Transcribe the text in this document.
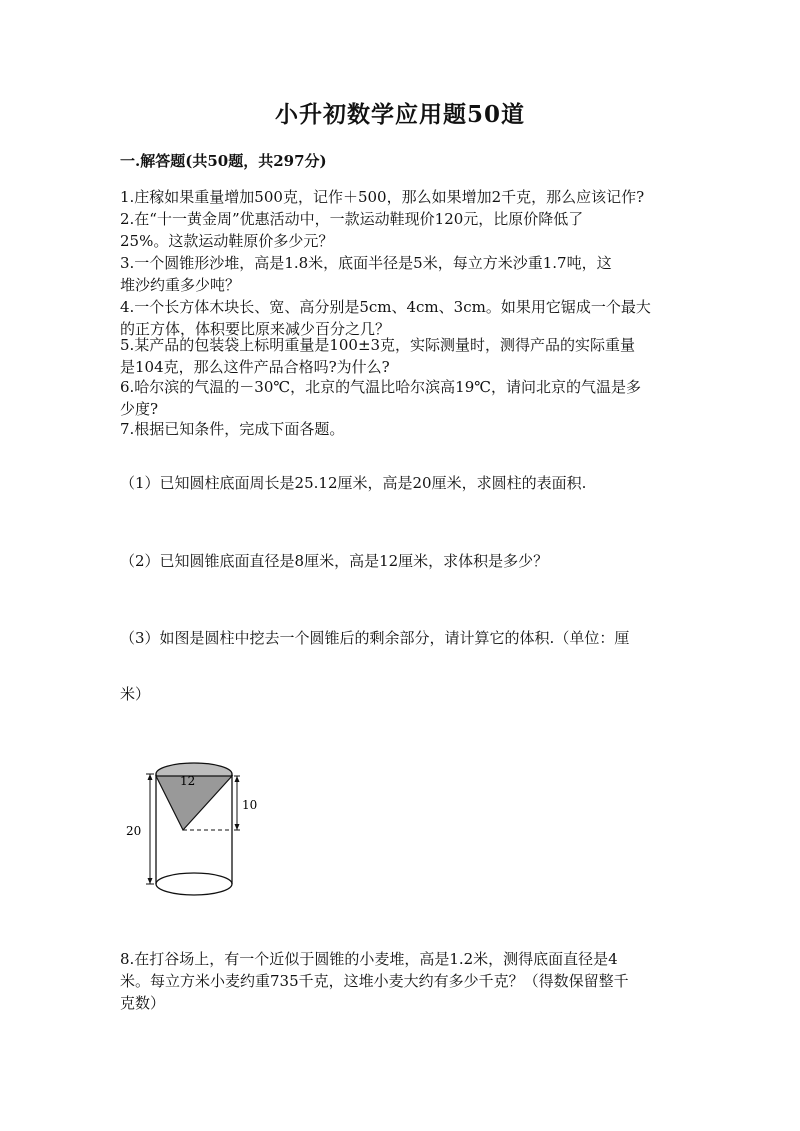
小升初数学应用题50道
一.解答题(共50题，共297分)

1.庄稼如果重量增加500克，记作＋500，那么如果增加2千克，那么应该记作?

2.在“十一黄金周”优惠活动中，一款运动鞋现价120元，比原价降低了

25%。这款运动鞋原价多少元？

3.一个圆锥形沙堆，高是1.8米，底面半径是5米，每立方米沙重1.7吨，这

堆沙约重多少吨？

4.一个长方体木块长、宽、高分别是5cm、4cm、3cm。如果用它锯成一个最大

的正方体，体积要比原来减少百分之几？

5.某产品的包装袋上标明重量是100±3克，实际测量时，测得产品的实际重量

是104克，那么这件产品合格吗?为什么?

6.哈尔滨的气温的－30℃，北京的气温比哈尔滨高19℃，请问北京的气温是多

少度?

7.根据已知条件，完成下面各题。

（1）已知圆柱底面周长是25.12厘米，高是20厘米，求圆柱的表面积.

（2）已知圆锥底面直径是8厘米，高是12厘米，求体积是多少？

（3）如图是圆柱中挖去一个圆锥后的剩余部分，请计算它的体积.（单位：厘

米）

12
10
20

8.在打谷场上，有一个近似于圆锥的小麦堆，高是1.2米，测得底面直径是4

米。每立方米小麦约重735千克，这堆小麦大约有多少千克？（得数保留整千

克数）
